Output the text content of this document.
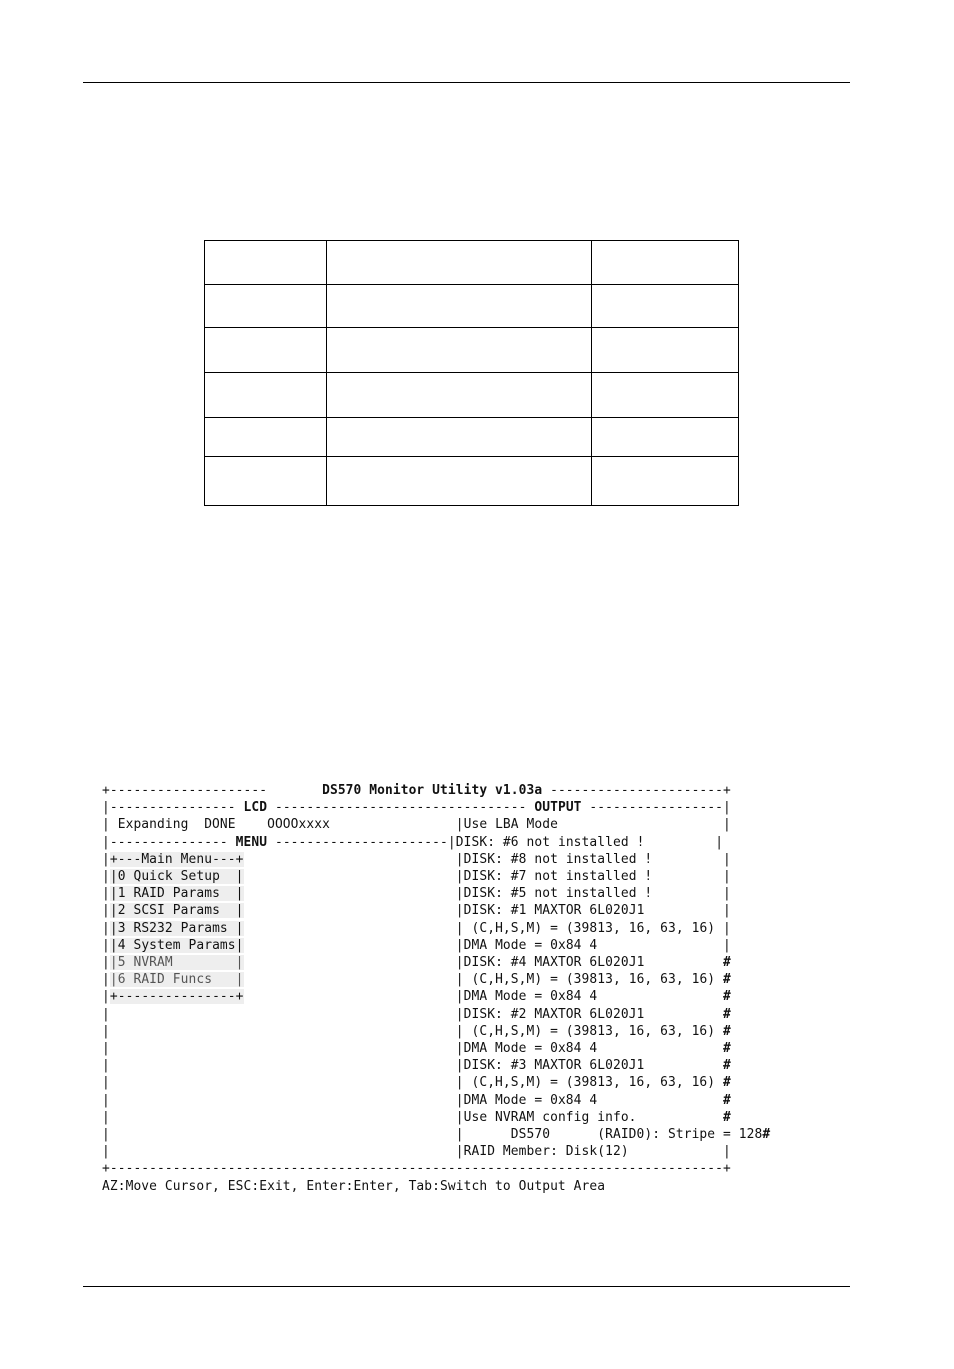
+--------------------       DS570 Monitor Utility v1.03a ----------------------+
|---------------- LCD -------------------------------- OUTPUT -----------------|
| Expanding  DONE    OOOOxxxx                |Use LBA Mode                     |
|--------------- MENU ----------------------|DISK: #6 not installed !         |
|+---Main Menu---+                           |DISK: #8 not installed !         |
||0 Quick Setup  |                           |DISK: #7 not installed !         |
||1 RAID Params  |                           |DISK: #5 not installed !         |
||2 SCSI Params  |                           |DISK: #1 MAXTOR 6L020J1          |
||3 RS232 Params |                           | (C,H,S,M) = (39813, 16, 63, 16) |
||4 System Params|                           |DMA Mode = 0x84 4                |
||5 NVRAM        |                           |DISK: #4 MAXTOR 6L020J1          #
||6 RAID Funcs   |                           | (C,H,S,M) = (39813, 16, 63, 16) #
|+---------------+                           |DMA Mode = 0x84 4                #
|                                            |DISK: #2 MAXTOR 6L020J1          #
|                                            | (C,H,S,M) = (39813, 16, 63, 16) #
|                                            |DMA Mode = 0x84 4                #
|                                            |DISK: #3 MAXTOR 6L020J1          #
|                                            | (C,H,S,M) = (39813, 16, 63, 16) #
|                                            |DMA Mode = 0x84 4                #
|                                            |Use NVRAM config info.           #
|                                            |      DS570      (RAID0): Stripe = 128#
|                                            |RAID Member: Disk(12)            |
+------------------------------------------------------------------------------+
AZ:Move Cursor, ESC:Exit, Enter:Enter, Tab:Switch to Output Area
